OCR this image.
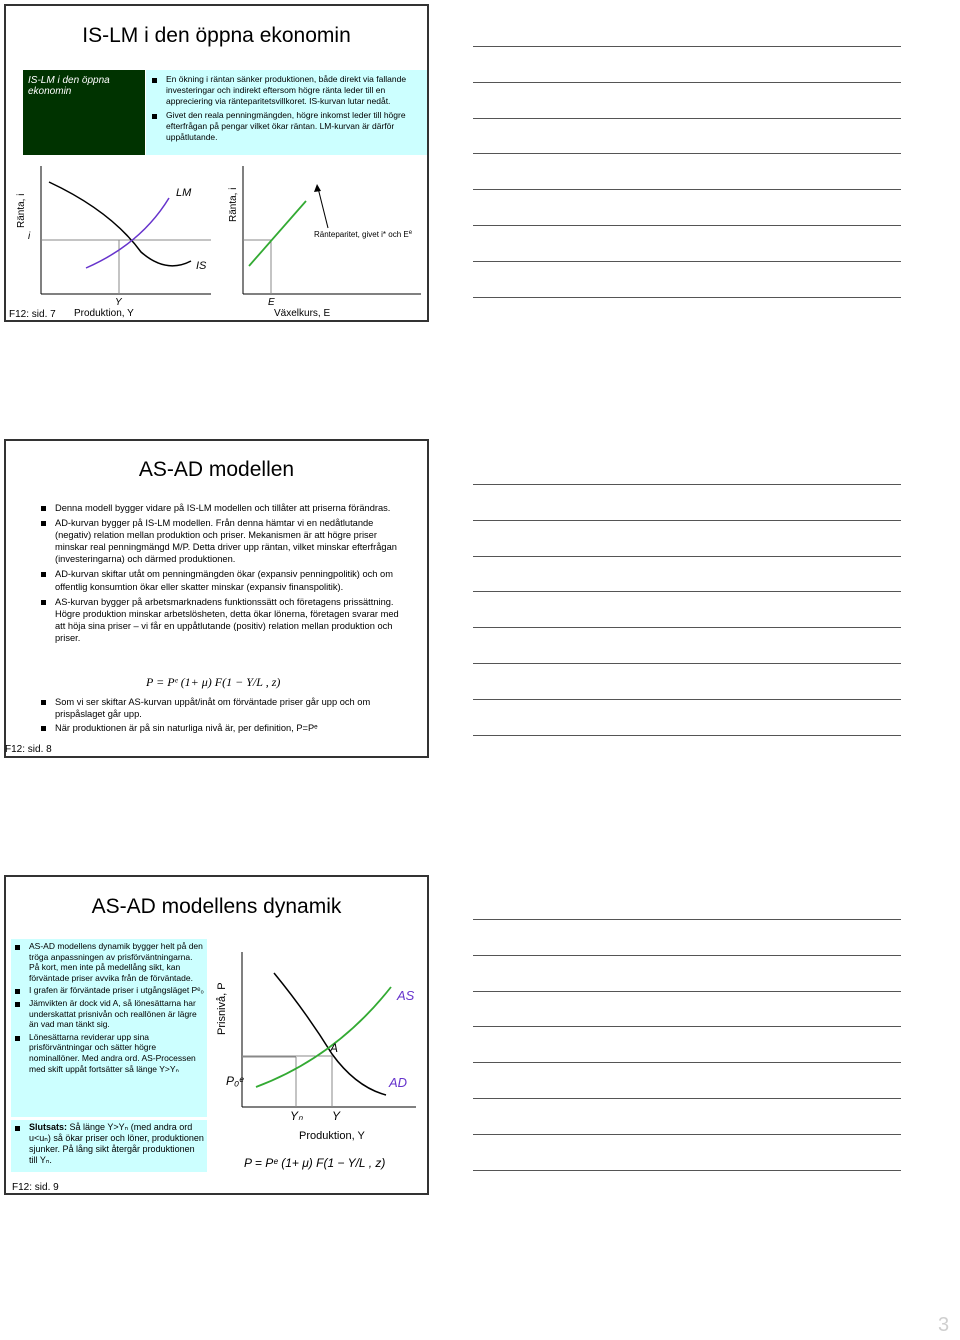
IS-LM i den öppna ekonomin
IS-LM i den öppna ekonomin
En ökning i räntan sänker produktionen, både direkt via fallande investeringar och indirekt eftersom högre ränta leder till en appreciering via ränteparitetsvillkoret. IS-kurvan lutar nedåt.
Givet den reala penningmängden, högre inkomst leder till högre efterfrågan på pengar vilket ökar räntan. LM-kurvan är därför uppåtlutande.
Ränta, i
i
LM
IS
Y
Produktion, Y
Ränta, i
Ränteparitet, givet i* och $E^e$
E
Växelkurs, E
F12: sid. 7
AS-AD modellen
Denna modell bygger vidare på IS-LM modellen och tillåter att priserna förändras.
AD-kurvan bygger på IS-LM modellen. Från denna hämtar vi en nedåtlutande (negativ) relation mellan produktion och priser. Mekanismen är att högre priser minskar real penningmängd M/P. Detta driver upp räntan, vilket minskar efterfrågan (investeringarna) och därmed produktionen.
AD-kurvan skiftar utåt om penningmängden ökar (expansiv penningpolitik) och om offentlig konsumtion ökar eller skatter minskar (expansiv finanspolitik).
AS-kurvan bygger på arbetsmarknadens funktionssätt och företagens prissättning. Högre produktion minskar arbetslösheten, detta ökar lönerna, företagen svarar med att höja sina priser – vi får en uppåtlutande (positiv) relation mellan produktion och priser.
P = Pᵉ (1+ μ) F(1 − Y/L , z)
Som vi ser skiftar AS-kurvan uppåt/inåt om förväntade priser går upp och om prispåslaget går upp.
När produktionen är på sin naturliga nivå är, per definition, P=Pᵉ
F12: sid. 8
AS-AD modellens dynamik
AS-AD modellens dynamik bygger helt på den tröga anpassningen av prisförväntningarna. På kort, men inte på medellång sikt, kan förväntade priser avvika från de förväntade.
I grafen är förväntade priser i utgångsläget Pᵉ₀
Jämvikten är dock vid A, så lönesättarna har underskattat prisnivån och reallönen är lägre än vad man tänkt sig.
Lönesättarna reviderar upp sina prisförväntningar och sätter högre nominallöner. Med andra ord. AS-Processen med skift uppåt fortsätter så länge Y>Yₙ
Slutsats: Så länge Y>Yₙ (med andra ord u<uₙ) så ökar priser och löner, produktionen sjunker. På lång sikt återgår produktionen till Yₙ.
Prisnivå, P
A
AS
AD
P₀ᵉ
Yₙ Y
Produktion, Y
P = Pᵉ (1+ μ) F(1 − Y/L , z)
F12: sid. 9
3
